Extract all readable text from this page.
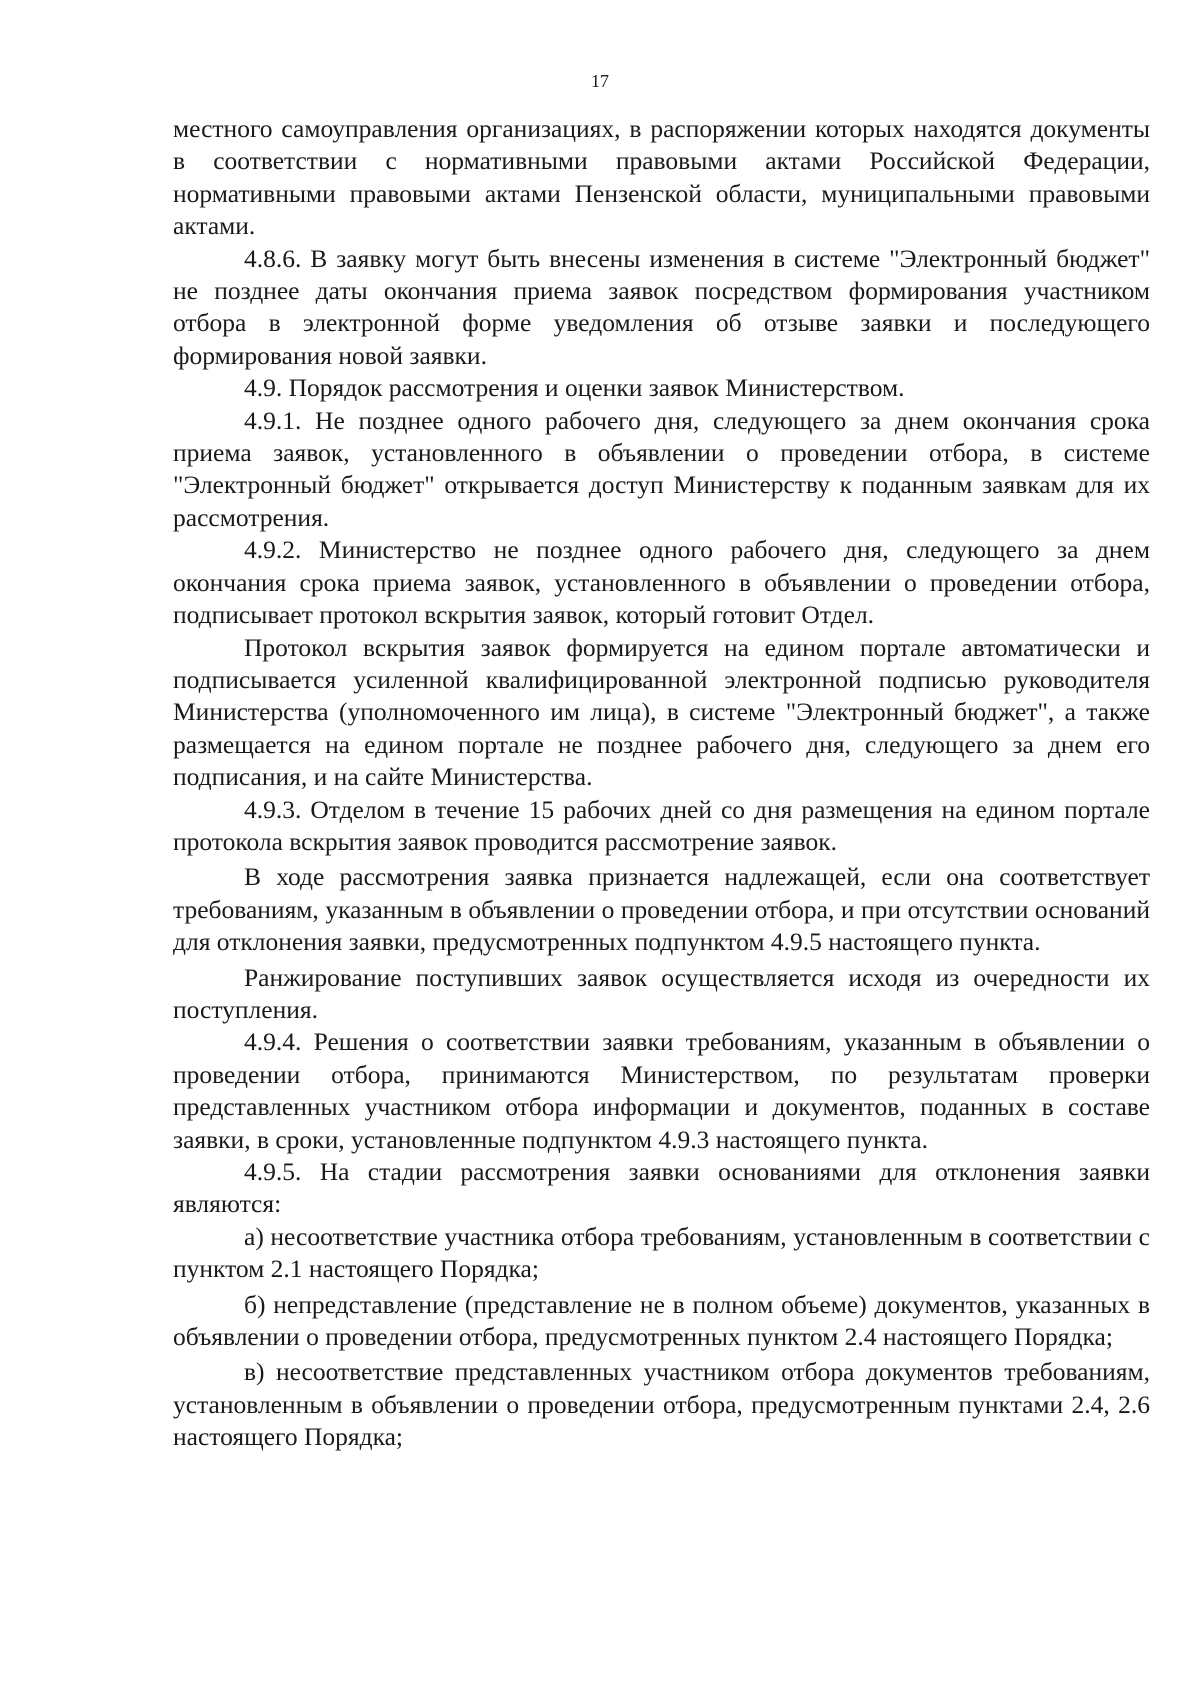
17

местного самоуправления организациях, в распоряжении которых находятся документы в соответствии с нормативными правовыми актами Российской Федерации, нормативными правовыми актами Пензенской области, муниципальными правовыми актами.

4.8.6. В заявку могут быть внесены изменения в системе "Электронный бюджет" не позднее даты окончания приема заявок посредством формирования участником отбора в электронной форме уведомления об отзыве заявки и последующего формирования новой заявки.

4.9. Порядок рассмотрения и оценки заявок Министерством.

4.9.1. Не позднее одного рабочего дня, следующего за днем окончания срока приема заявок, установленного в объявлении о проведении отбора, в системе "Электронный бюджет" открывается доступ Министерству к поданным заявкам для их рассмотрения.

4.9.2. Министерство не позднее одного рабочего дня, следующего за днем окончания срока приема заявок, установленного в объявлении о проведении отбора, подписывает протокол вскрытия заявок, который готовит Отдел.

Протокол вскрытия заявок формируется на едином портале автоматически и подписывается усиленной квалифицированной электронной подписью руководителя Министерства (уполномоченного им лица), в системе "Электронный бюджет", а также размещается на едином портале не позднее рабочего дня, следующего за днем его подписания, и на сайте Министерства.

4.9.3. Отделом в течение 15 рабочих дней со дня размещения на едином портале протокола вскрытия заявок проводится рассмотрение заявок.

В ходе рассмотрения заявка признается надлежащей, если она соответствует требованиям, указанным в объявлении о проведении отбора, и при отсутствии оснований для отклонения заявки, предусмотренных подпунктом 4.9.5 настоящего пункта.

Ранжирование поступивших заявок осуществляется исходя из очередности их поступления.

4.9.4. Решения о соответствии заявки требованиям, указанным в объявлении о проведении отбора, принимаются Министерством, по результатам проверки представленных участником отбора информации и документов, поданных в составе заявки, в сроки, установленные подпунктом 4.9.3 настоящего пункта.

4.9.5. На стадии рассмотрения заявки основаниями для отклонения заявки являются:

а) несоответствие участника отбора требованиям, установленным в соответствии с пунктом 2.1 настоящего Порядка;

б) непредставление (представление не в полном объеме) документов, указанных в объявлении о проведении отбора, предусмотренных пунктом 2.4 настоящего Порядка;

в) несоответствие представленных участником отбора документов требованиям, установленным в объявлении о проведении отбора, предусмотренным пунктами 2.4, 2.6 настоящего Порядка;
